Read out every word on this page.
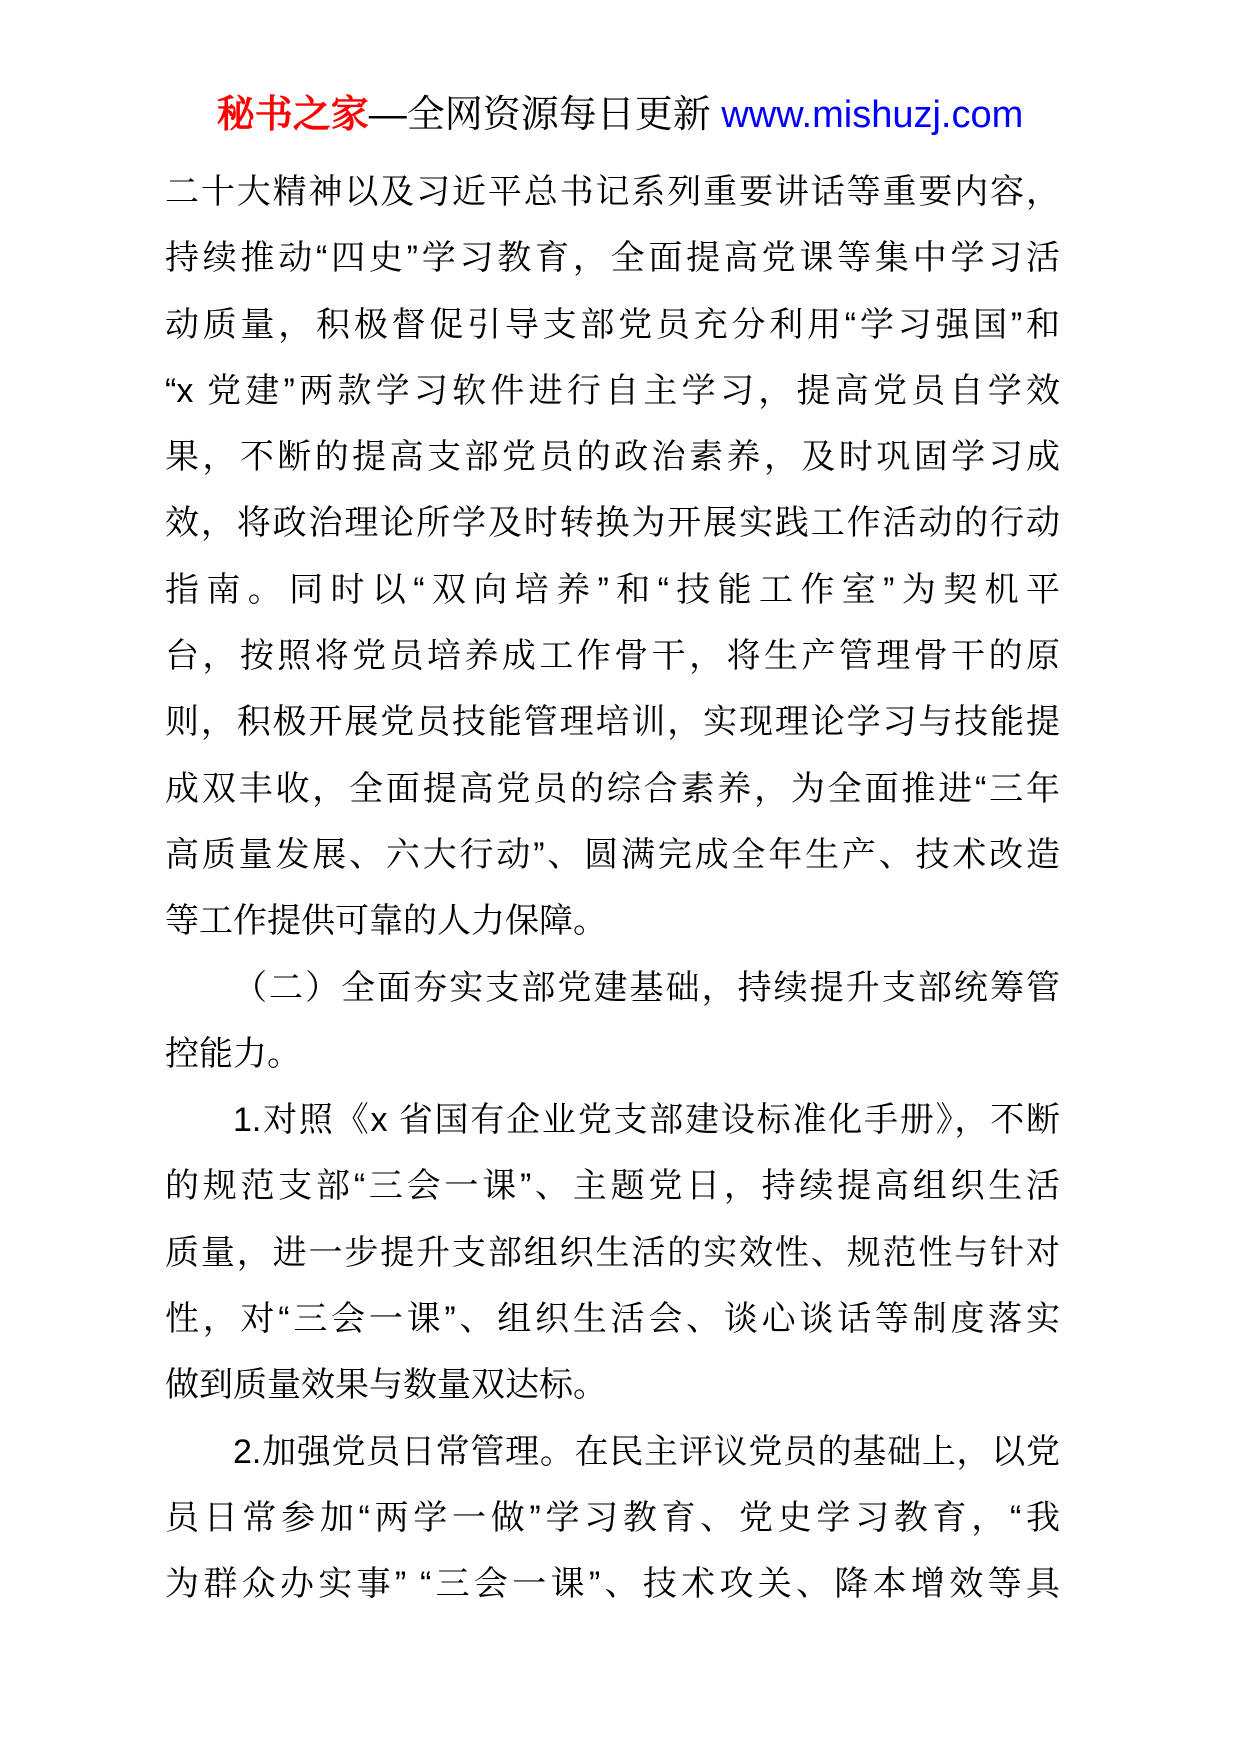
秘书之家—全网资源每日更新 www.mishuzj.com
二十大精神以及习近平总书记系列重要讲话等重要内容，
持续推动“四史”学习教育，全面提高党课等集中学习活
动质量，积极督促引导支部党员充分利用“学习强国”和
“x 党建”两款学习软件进行自主学习，提高党员自学效
果，不断的提高支部党员的政治素养，及时巩固学习成
效，将政治理论所学及时转换为开展实践工作活动的行动
指南。同时以“双向培养”和“技能工作室”为契机平
台，按照将党员培养成工作骨干，将生产管理骨干的原
则，积极开展党员技能管理培训，实现理论学习与技能提
成双丰收，全面提高党员的综合素养，为全面推进“三年
高质量发展、六大行动”、圆满完成全年生产、技术改造
等工作提供可靠的人力保障。
（二）全面夯实支部党建基础，持续提升支部统筹管
控能力。
1.对照《x 省国有企业党支部建设标准化手册》，不断
的规范支部“三会一课”、主题党日，持续提高组织生活
质量，进一步提升支部组织生活的实效性、规范性与针对
性，对“三会一课”、组织生活会、谈心谈话等制度落实
做到质量效果与数量双达标。
2.加强党员日常管理。在民主评议党员的基础上，以党
员日常参加“两学一做”学习教育、党史学习教育，“我
为群众办实事” “三会一课”、技术攻关、降本增效等具
